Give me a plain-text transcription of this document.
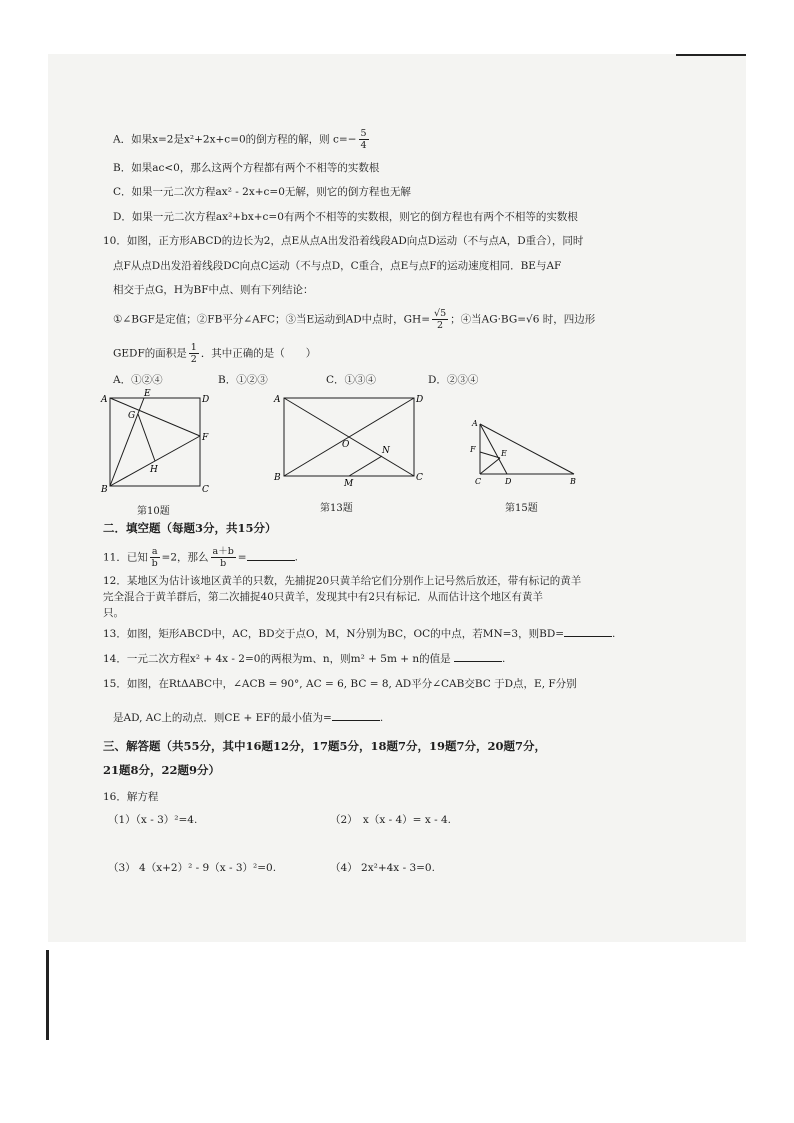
A．如果x=2是x²+2x+c=0的倒方程的解，则 $c=- \frac{5}{4}$
B．如果ac<0，那么这两个方程都有两个不相等的实数根
C．如果一元二次方程ax² - 2x+c=0无解，则它的倒方程也无解
D．如果一元二次方程ax²+bx+c=0有两个不相等的实数根，则它的倒方程也有两个不相等的实数根
10．如图，正方形ABCD的边长为2，点E从点A出发沿着线段AD向点D运动（不与点A，D重合），同时
点F从点D出发沿着线段DC向点C运动（不与点D，C重合，点E与点F的运动速度相同．BE与AF
相交于点G，H为BF中点、则有下列结论：
①∠BGF是定值；②FB平分∠AFC；③当E运动到AD中点时，$GH= \frac{√5}{2}$ ；④当AG·BG=√6 时，四边形
GEDF的面积是 $\frac{1}{2}$ ．其中正确的是（　　）
A．①②④	B．①②③	C．①③④	D．②③④
A	D
E
G
F
H
B	C
第10题
A	D
O
N
B
M
C
第13题
A
F	E
C	D	B
第15题
二．填空题（每题3分，共15分）
11．已知 $\frac{a}{b} =2$，那么 $\frac{a+b}{b}$ =	.
12．某地区为估计该地区黄羊的只数，先捕捉20只黄羊给它们分别作上记号然后放还，带有标记的黄羊
完全混合于黄羊群后，第二次捕捉40只黄羊，发现其中有2只有标记．从而估计这个地区有黄羊
只。
13．如图，矩形ABCD中，AC，BD交于点O，M，N分别为BC，OC的中点，若MN=3，则BD=	.
14．一元二次方程x² + 4x - 2=0的两根为m、n，则m² + 5m + n的值是	.
15．如图，在RtΔABC中，∠ACB = 90°, AC = 6, BC = 8, AD平分∠CAB交BC 于D点，E, F分别
是AD, AC上的动点．则CE + EF的最小值为=	.
三、解答题（共55分，其中16题12分，17题5分，18题7分，19题7分，20题7分，
21题8分，22题9分）
16．解方程
（1）（x - 3）²=4.	（2）　x（x - 4）= x - 4.
（3） 4（x+2）² - 9（x - 3）²=0.	（4） 2x²+4x - 3=0.
